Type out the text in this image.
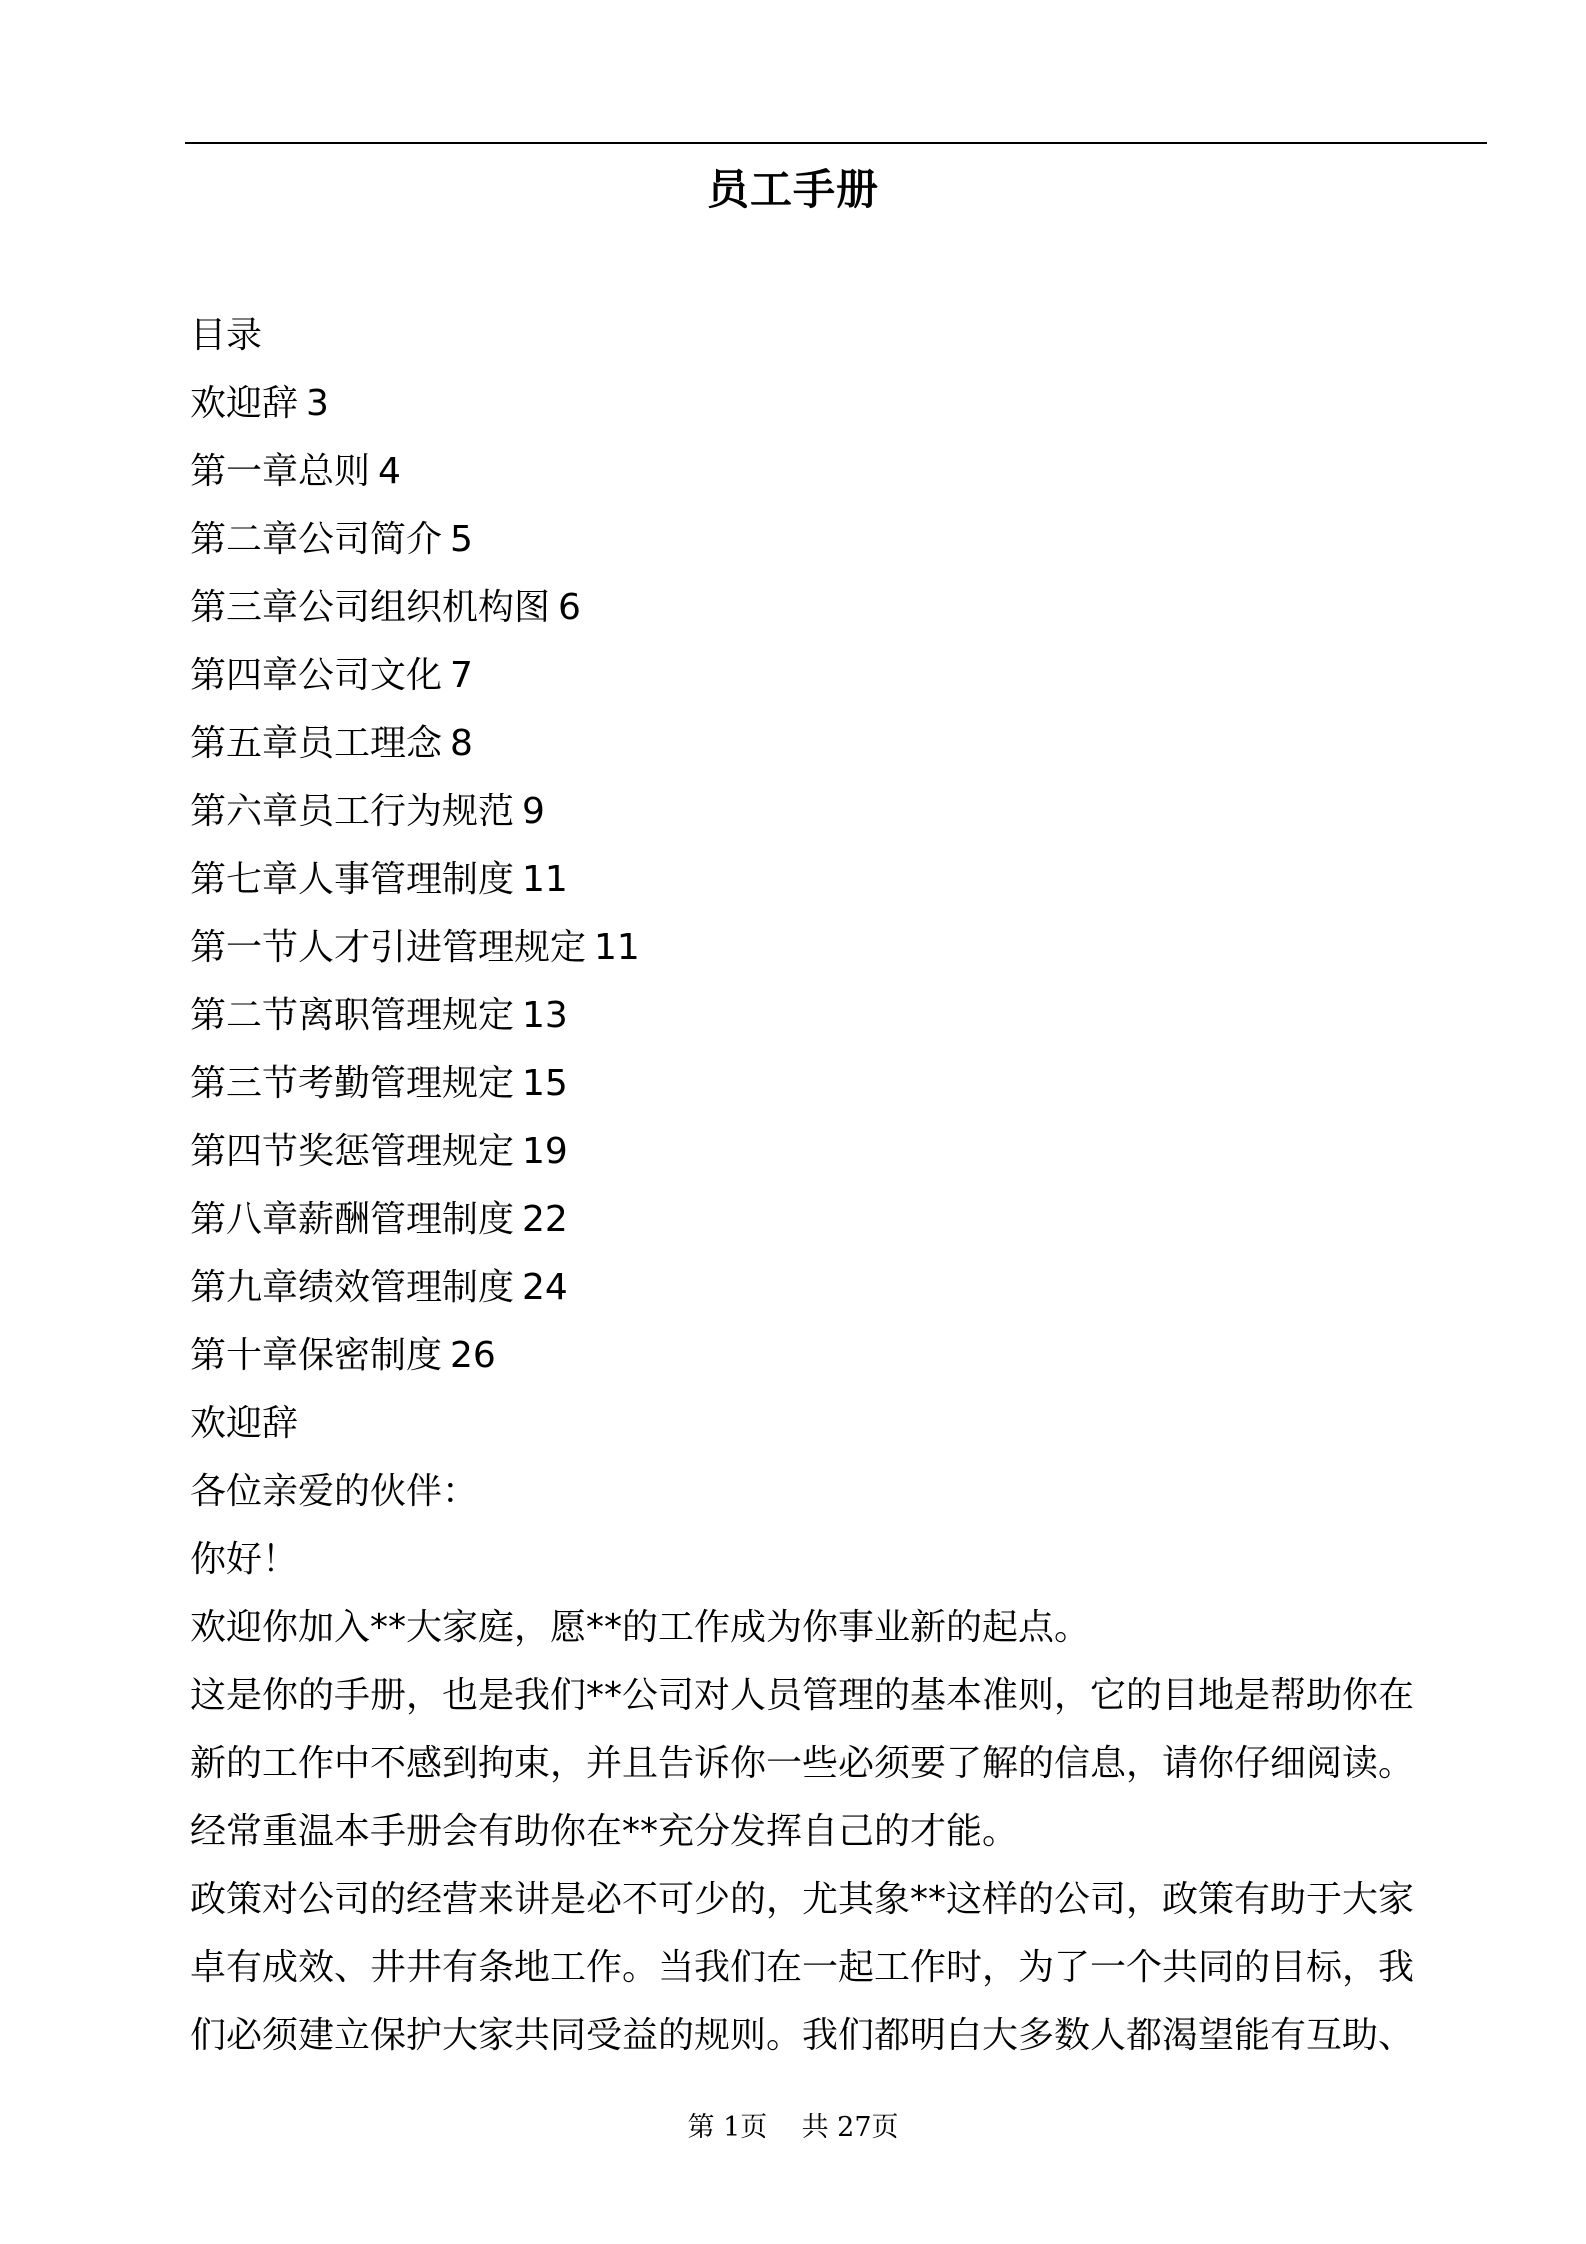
员工手册
目录
欢迎辞 3
第一章总则 4
第二章公司简介 5
第三章公司组织机构图 6
第四章公司文化 7
第五章员工理念 8
第六章员工行为规范 9
第七章人事管理制度 11
第一节人才引进管理规定 11
第二节离职管理规定 13
第三节考勤管理规定 15
第四节奖惩管理规定 19
第八章薪酬管理制度 22
第九章绩效管理制度 24
第十章保密制度 26
欢迎辞
各位亲爱的伙伴：
你好！
欢迎你加入**大家庭，愿**的工作成为你事业新的起点。
这是你的手册，也是我们**公司对人员管理的基本准则，它的目地是帮助你在
新的工作中不感到拘束，并且告诉你一些必须要了解的信息，请你仔细阅读。
经常重温本手册会有助你在**充分发挥自己的才能。
政策对公司的经营来讲是必不可少的，尤其象**这样的公司，政策有助于大家
卓有成效、井井有条地工作。当我们在一起工作时，为了一个共同的目标，我
们必须建立保护大家共同受益的规则。我们都明白大多数人都渴望能有互助、
第 1页    共 27页
